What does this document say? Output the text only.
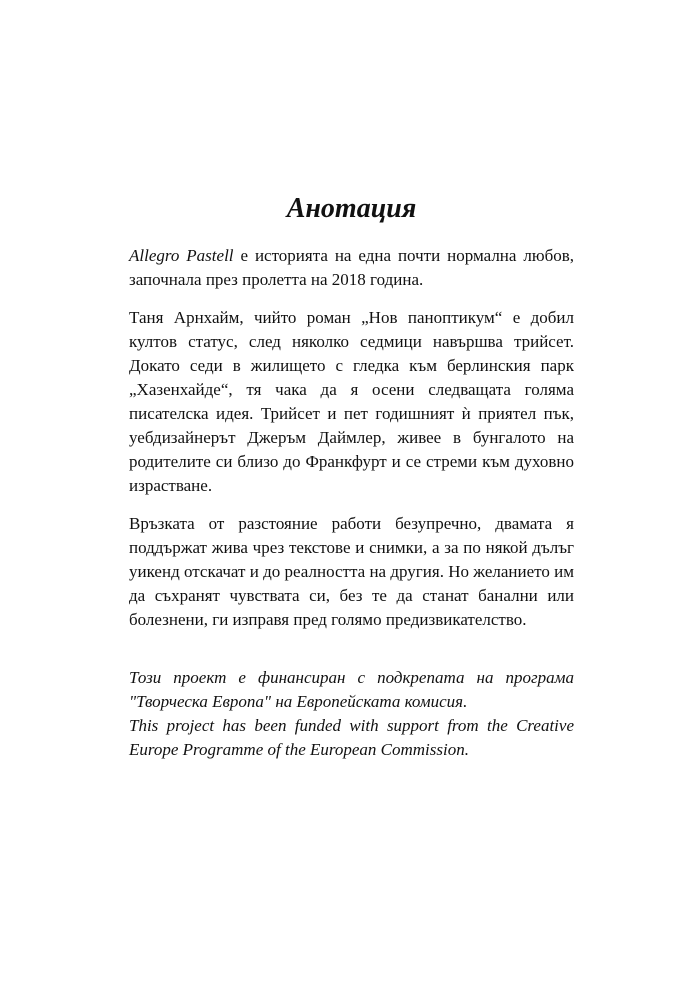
Анотация

Allegro Pastell е историята на една почти нормална любов, започнала през пролетта на 2018 година.

Таня Арнхайм, чийто роман „Нов паноптикум“ е добил култов статус, след няколко седмици навършва трийсет. Докато седи в жилището с гледка към берлинския парк „Хазенхайде“, тя чака да я осени следващата голяма писателска идея. Трийсет и пет годишният ѝ приятел пък, уебдизайнерът Джеръм Даймлер, живее в бунгалото на родителите си близо до Франкфурт и се стреми към духовно израстване.

Връзката от разстояние работи безупречно, двамата я поддържат жива чрез текстове и снимки, а за по някой дълъг уикенд отскачат и до реалността на другия. Но желанието им да съхранят чувствата си, без те да станат банални или болезнени, ги изправя пред голямо предизвикателство.

Този проект е финансиран с подкрепата на програма "Творческа Европа" на Европейската комисия.

This project has been funded with support from the Creative Europe Programme of the European Commission.
